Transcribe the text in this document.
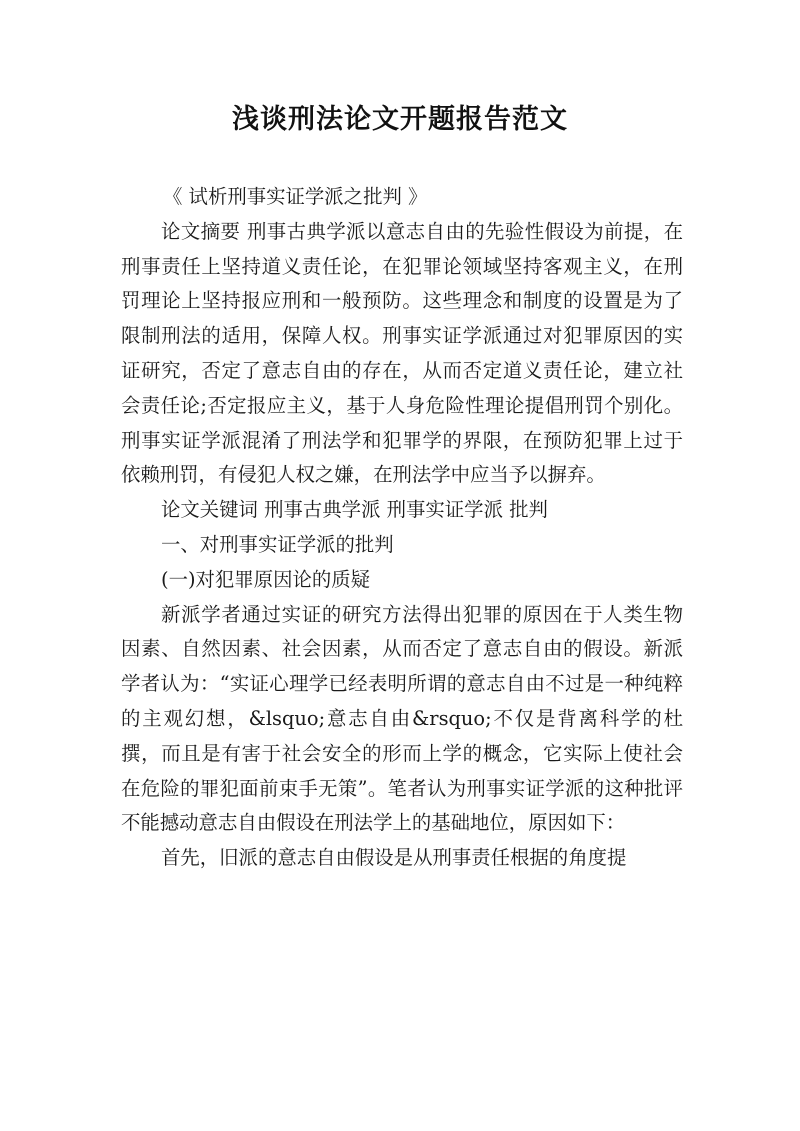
浅谈刑法论文开题报告范文

《 试析刑事实证学派之批判 》

论文摘要 刑事古典学派以意志自由的先验性假设为前提，在刑事责任上坚持道义责任论，在犯罪论领域坚持客观主义，在刑罚理论上坚持报应刑和一般预防。这些理念和制度的设置是为了限制刑法的适用，保障人权。刑事实证学派通过对犯罪原因的实证研究，否定了意志自由的存在，从而否定道义责任论，建立社会责任论;否定报应主义，基于人身危险性理论提倡刑罚个别化。刑事实证学派混淆了刑法学和犯罪学的界限，在预防犯罪上过于依赖刑罚，有侵犯人权之嫌，在刑法学中应当予以摒弃。

论文关键词 刑事古典学派 刑事实证学派 批判

一、对刑事实证学派的批判

(一)对犯罪原因论的质疑

新派学者通过实证的研究方法得出犯罪的原因在于人类生物因素、自然因素、社会因素，从而否定了意志自由的假设。新派学者认为：“实证心理学已经表明所谓的意志自由不过是一种纯粹的主观幻想，&lsquo;意志自由&rsquo;不仅是背离科学的杜撰，而且是有害于社会安全的形而上学的概念，它实际上使社会在危险的罪犯面前束手无策”。笔者认为刑事实证学派的这种批评不能撼动意志自由假设在刑法学上的基础地位，原因如下：

首先，旧派的意志自由假设是从刑事责任根据的角度提
